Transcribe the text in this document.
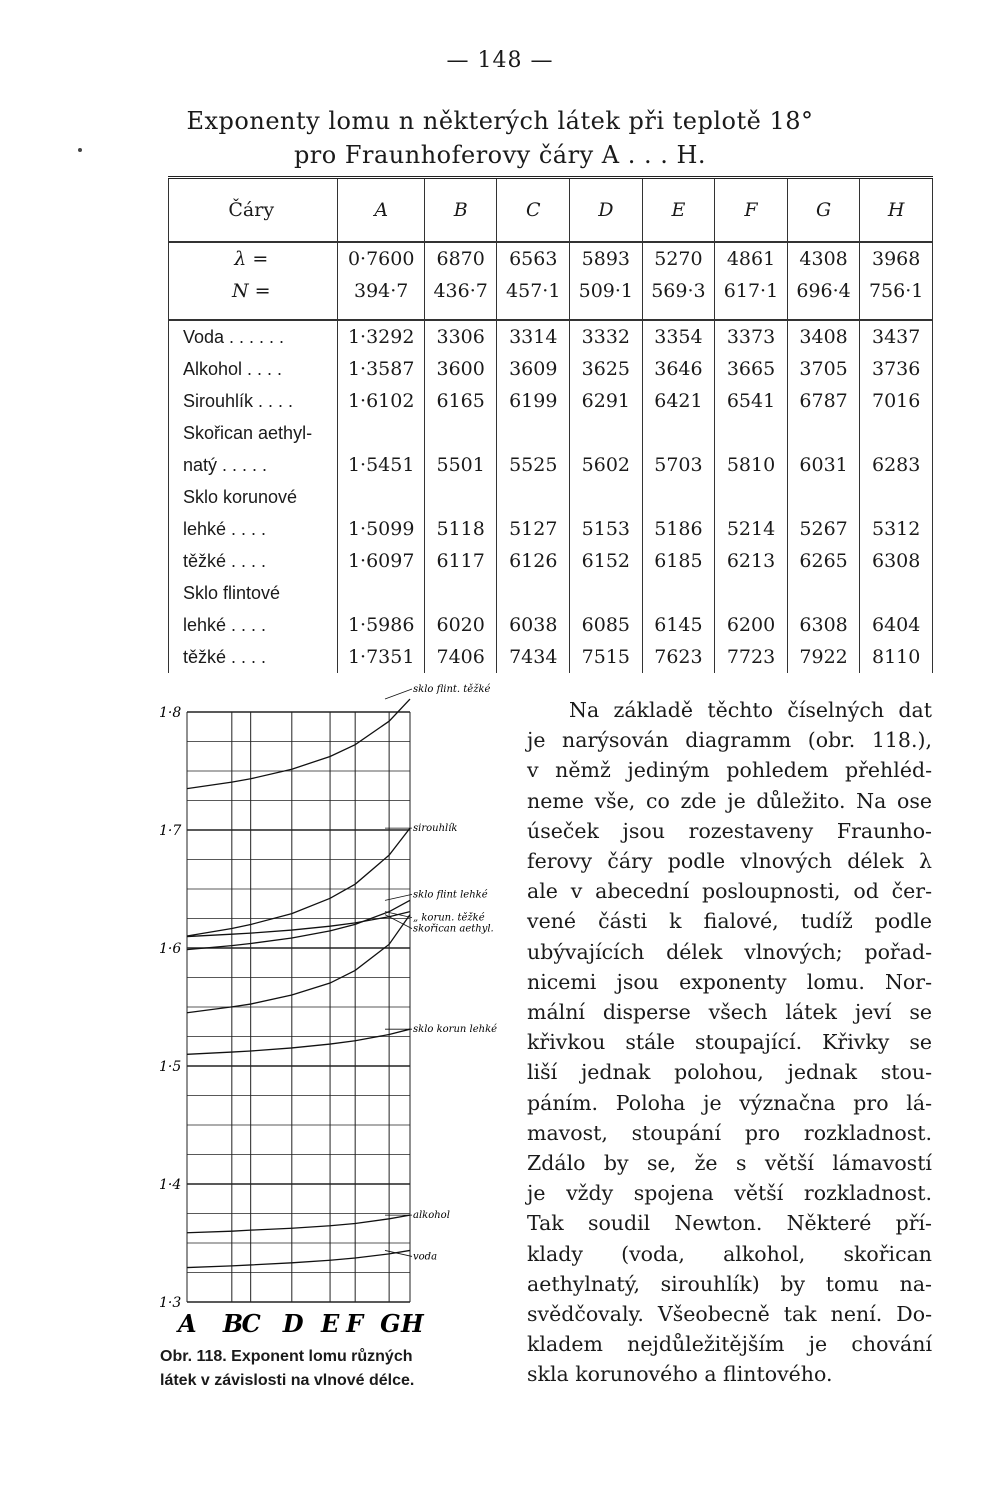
— 148 —
Exponenty lomu n některých látek při teplotě 18°
pro Fraunhoferovy čáry A . . . H.
Čáry	A	B	C	D	E	F	G	H
λ =	0·7600	6870	6563	5893	5270	4861	4308	3968
N =	394·7	436·7	457·1	509·1	569·3	617·1	696·4	756·1

Voda . . . . . .	1·3292	3306	3314	3332	3354	3373	3408	3437
Alkohol . . . .	1·3587	3600	3609	3625	3646	3665	3705	3736
Sirouhlík . . . .	1·6102	6165	6199	6291	6421	6541	6787	7016
Skořican aethyl-								
natý . . . . .	1·5451	5501	5525	5602	5703	5810	6031	6283
Sklo korunové								
lehké . . . .	1·5099	5118	5127	5153	5186	5214	5267	5312
těžké . . . .	1·6097	6117	6126	6152	6185	6213	6265	6308
Sklo flintové								
lehké . . . .	1·5986	6020	6038	6085	6145	6200	6308	6404
těžké . . . .	1·7351	7406	7434	7515	7623	7723	7922	8110
sklo flint. těžké
sirouhlík
sklo flint lehké
„ korun. těžké
skořican aethyl.
sklo korun lehké
alkohol
voda
1·3
1·4
1·5
1·6
1·7
1·8
A B
C D E F G H
Obr. 118. Exponent lomu různých
látek v závislosti na vlnové délce.

Na základě těchto číselných dat

je narýsován diagramm (obr. 118.),

v němž jediným pohledem přehléd-

neme vše, co zde je důležito. Na ose

úseček jsou rozestaveny Fraunho-

ferovy čáry podle vlnových délek λ

ale v abecední posloupnosti, od čer-

vené části k fialové, tudíž podle

ubývajících délek vlnových; pořad-

nicemi jsou exponenty lomu. Nor-

mální disperse všech látek jeví se

křivkou stále stoupající. Křivky se

liší jednak polohou, jednak stou-

páním. Poloha je význačna pro lá-

mavost, stoupání pro rozkladnost.

Zdálo by se, že s větší lámavostí

je vždy spojena větší rozkladnost.

Tak soudil Newton. Některé pří-

klady (voda, alkohol, skořican

aethylnatý, sirouhlík) by tomu na-

svědčovaly. Všeobecně tak není. Do-

kladem nejdůležitějším je chování

skla korunového a flintového.
